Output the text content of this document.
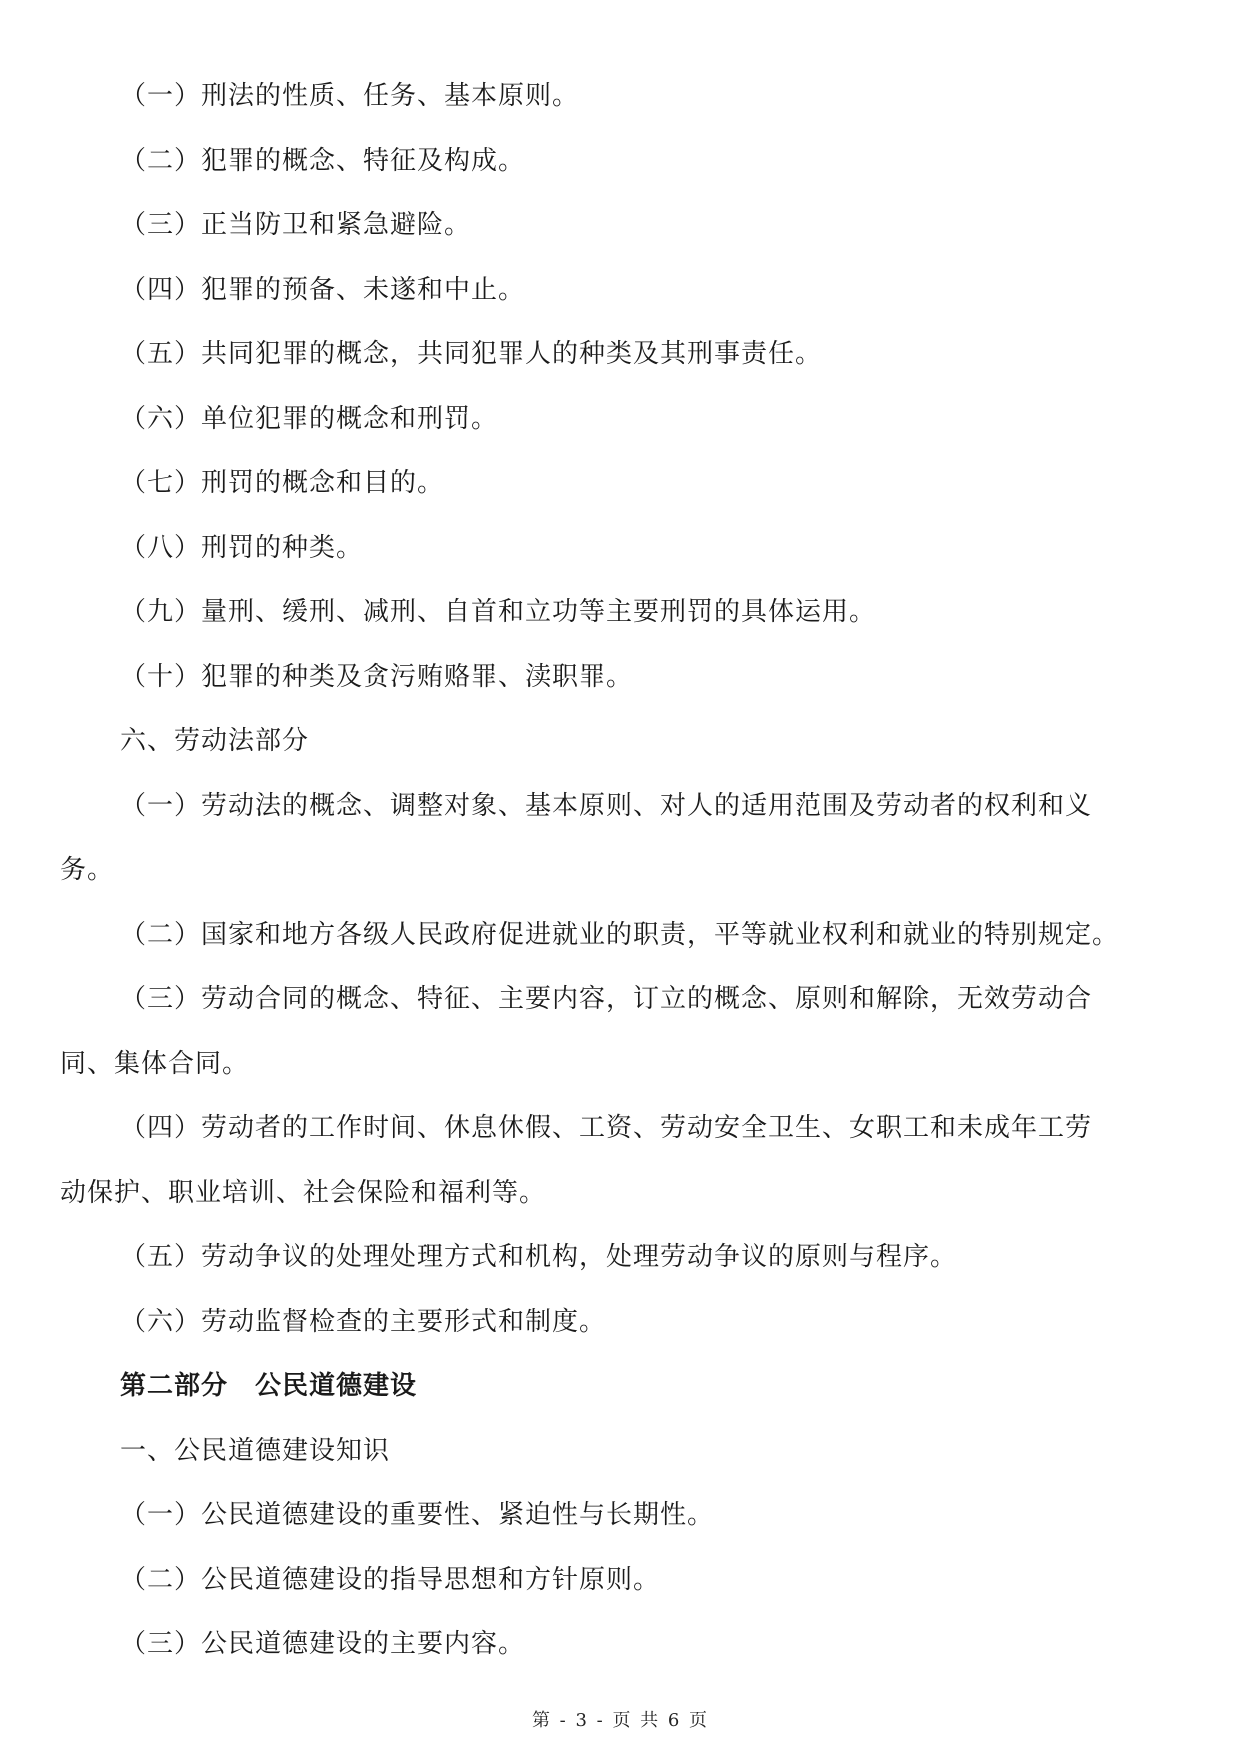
（一）刑法的性质、任务、基本原则。
（二）犯罪的概念、特征及构成。
（三）正当防卫和紧急避险。
（四）犯罪的预备、未遂和中止。
（五）共同犯罪的概念，共同犯罪人的种类及其刑事责任。
（六）单位犯罪的概念和刑罚。
（七）刑罚的概念和目的。
（八）刑罚的种类。
（九）量刑、缓刑、减刑、自首和立功等主要刑罚的具体运用。
（十）犯罪的种类及贪污贿赂罪、渎职罪。
六、劳动法部分
（一）劳动法的概念、调整对象、基本原则、对人的适用范围及劳动者的权利和义
务。
（二）国家和地方各级人民政府促进就业的职责，平等就业权利和就业的特别规定。
（三）劳动合同的概念、特征、主要内容，订立的概念、原则和解除，无效劳动合
同、集体合同。
（四）劳动者的工作时间、休息休假、工资、劳动安全卫生、女职工和未成年工劳
动保护、职业培训、社会保险和福利等。
（五）劳动争议的处理处理方式和机构，处理劳动争议的原则与程序。
（六）劳动监督检查的主要形式和制度。
第二部分　公民道德建设
一、公民道德建设知识
（一）公民道德建设的重要性、紧迫性与长期性。
（二）公民道德建设的指导思想和方针原则。
（三）公民道德建设的主要内容。
第 - 3 - 页 共 6 页
